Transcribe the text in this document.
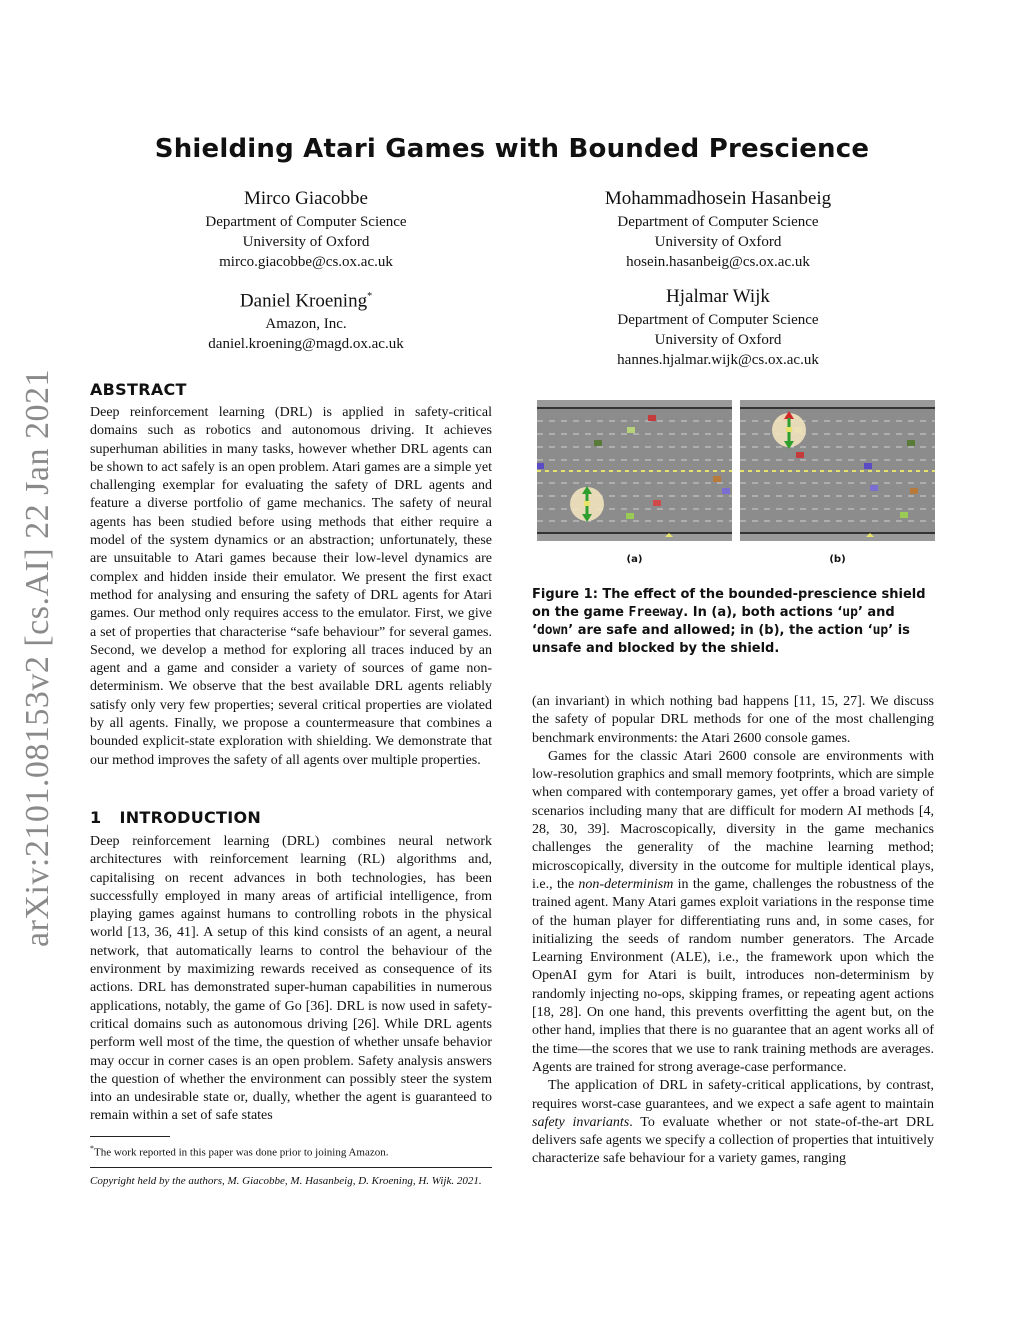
Shielding Atari Games with Bounded Prescience
Mirco Giacobbe
Department of Computer Science
University of Oxford
mirco.giacobbe@cs.ox.ac.uk
Mohammadhosein Hasanbeig
Department of Computer Science
University of Oxford
hosein.hasanbeig@cs.ox.ac.uk
Daniel Kroening*
Amazon, Inc.
daniel.kroening@magd.ox.ac.uk
Hjalmar Wijk
Department of Computer Science
University of Oxford
hannes.hjalmar.wijk@cs.ox.ac.uk
arXiv:2101.08153v2 [cs.AI] 22 Jan 2021 ABSTRACT

Deep reinforcement learning (DRL) is applied in safety-critical domains such as robotics and autonomous driving. It achieves superhuman abilities in many tasks, however whether DRL agents can be shown to act safely is an open problem. Atari games are a simple yet challenging exemplar for evaluating the safety of DRL agents and feature a diverse portfolio of game mechanics. The safety of neural agents has been studied before using methods that either require a model of the system dynamics or an abstraction; unfortunately, these are unsuitable to Atari games because their low-level dynamics are complex and hidden inside their emulator. We present the first exact method for analysing and ensuring the safety of DRL agents for Atari games. Our method only requires access to the emulator. First, we give a set of properties that characterise “safe behaviour” for several games. Second, we develop a method for exploring all traces induced by an agent and a game and consider a variety of sources of game non-determinism. We observe that the best available DRL agents reliably satisfy only very few properties; several critical properties are violated by all agents. Finally, we propose a countermeasure that combines a bounded explicit-state exploration with shielding. We demonstrate that our method improves the safety of all agents over multiple properties.

1 INTRODUCTION

Deep reinforcement learning (DRL) combines neural network architectures with reinforcement learning (RL) algorithms and, capitalising on recent advances in both technologies, has been successfully employed in many areas of artificial intelligence, from playing games against humans to controlling robots in the physical world [13, 36, 41]. A setup of this kind consists of an agent, a neural network, that automatically learns to control the behaviour of the environment by maximizing rewards received as consequence of its actions. DRL has demonstrated super-human capabilities in numerous applications, notably, the game of Go [36]. DRL is now used in safety-critical domains such as autonomous driving [26]. While DRL agents perform well most of the time, the question of whether unsafe behavior may occur in corner cases is an open problem. Safety analysis answers the question of whether the environment can possibly steer the system into an undesirable state or, dually, whether the agent is guaranteed to remain within a set of safe states

*The work reported in this paper was done prior to joining Amazon.
Copyright held by the authors, M. Giacobbe, M. Hasanbeig, D. Kroening, H. Wijk. 2021.
(a)	(b)
Figure 1: The effect of the bounded-prescience shield on the game Freeway. In (a), both actions ‘up’ and ‘down’ are safe and allowed; in (b), the action ‘up’ is unsafe and blocked by the shield.

(an invariant) in which nothing bad happens [11, 15, 27]. We discuss the safety of popular DRL methods for one of the most challenging benchmark environments: the Atari 2600 console games.

Games for the classic Atari 2600 console are environments with low-resolution graphics and small memory footprints, which are simple when compared with contemporary games, yet offer a broad variety of scenarios including many that are difficult for modern AI methods [4, 28, 30, 39]. Macroscopically, diversity in the game mechanics challenges the generality of the machine learning method; microscopically, diversity in the outcome for multiple identical plays, i.e., the non-determinism in the game, challenges the robustness of the trained agent. Many Atari games exploit variations in the response time of the human player for differentiating runs and, in some cases, for initializing the seeds of random number generators. The Arcade Learning Environment (ALE), i.e., the framework upon which the OpenAI gym for Atari is built, introduces non-determinism by randomly injecting no-ops, skipping frames, or repeating agent actions [18, 28]. On one hand, this prevents overfitting the agent but, on the other hand, implies that there is no guarantee that an agent works all of the time—the scores that we use to rank training methods are averages. Agents are trained for strong average-case performance.

The application of DRL in safety-critical applications, by contrast, requires worst-case guarantees, and we expect a safe agent to maintain safety invariants. To evaluate whether or not state-of-the-art DRL delivers safe agents we specify a collection of properties that intuitively characterize safe behaviour for a variety games, ranging
